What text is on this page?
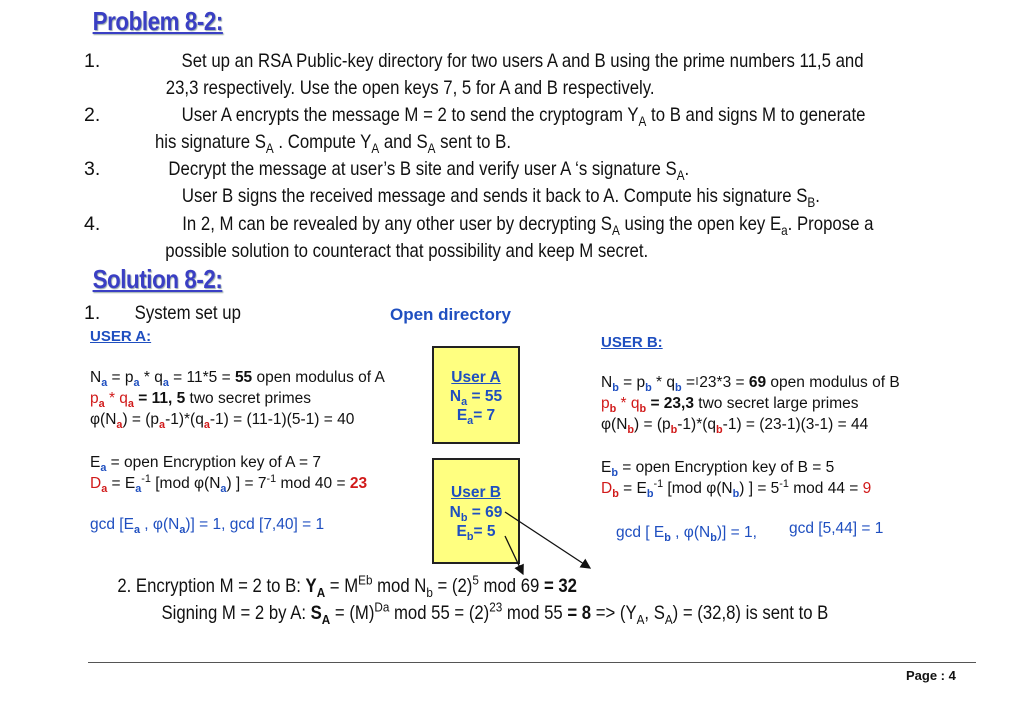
Problem 8-2:
1.	Set up an RSA Public-key directory for two users A and B using the prime numbers 11,5 and
23,3 respectively. Use the open keys 7, 5 for A and B respectively.
2.	User A encrypts the message M = 2 to send the cryptogram $Y_A$ to B and signs M to generate
his signature $S_A$ . Compute $Y_A$ and $S_A$ sent to B.
3.	Decrypt the message at user’s B site and verify user A ‘s signature $S_A$.
User B signs the received message and sends it back to A. Compute his signature $S_B$.
4.	In 2, M can be revealed by any other user by decrypting $S_A$ using the open key $E_a$. Propose a
possible solution to counteract that possibility and keep M secret.
Solution 8-2:
1. System set up	Open directory
USER A:
$N_a = p_a * q_a = 11*5 = 55$ open modulus of A
$p_a * q_a = 11$, 5 two secret primes
$\varphi(N_a) = (p_a-1)*(q_a-1) = (11-1)(5-1) = 40$
$E_a$ = open Encryption key of A = 7
$D_a = E_a^{-1}$ [mod $\varphi(N_a)$ ] = $7^{-1}$ mod 40 = 23
$\gcd [E_a$ , $\varphi(N_a)] = 1$, gcd [7,40] = 1
User A
$N_a = 55$
$E_a= 7$
User B
$N_b = 69$
$E_b= 5$
USER B:
$N_b = p_b * q_b = 23*3 = 69$ open modulus of B
$p_b * q_b = 23,3$ two secret large primes
$\varphi(N_b) = (p_b-1)*(q_b-1) = (23-1)(3-1) = 44$
$E_b$ = open Encryption key of B = 5
$D_b = E_b^{-1}$ [mod $\varphi(N_b)$ ] = $5^{-1}$ mod 44 = 9
gcd [ $E_b$ , $\varphi(N_b)] = 1$, gcd [5,44] = 1
2. Encryption M = 2 to B: $Y_A = M^{Eb}$ mod $N_b = (2)^5$ mod 69 = 32
Signing M = 2 by A: $S_A = (M)^{Da}$ mod $55 = (2)^{23}$ mod $55 = 8 => (Y_A$, $S_A) = (32,8)$ is sent to B
Page : 4
